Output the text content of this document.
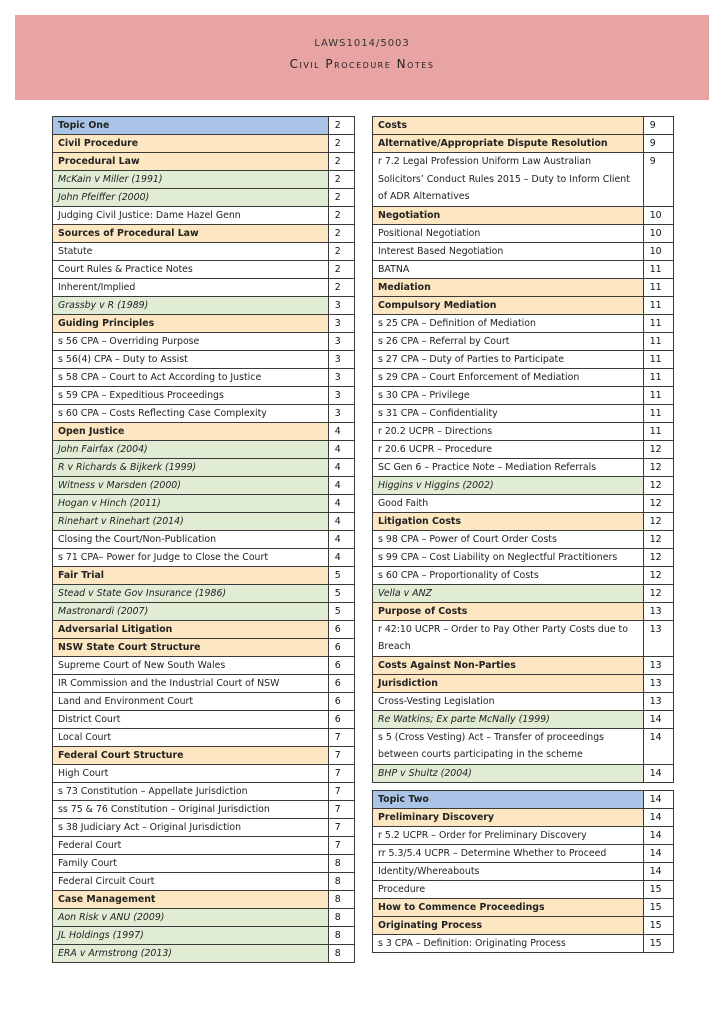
LAWS1014/5003
Civil Procedure Notes
Topic One	2
Civil Procedure	2
Procedural Law	2
McKain v Miller (1991)	2
John Pfeiffer (2000)	2
Judging Civil Justice: Dame Hazel Genn	2
Sources of Procedural Law	2
Statute	2
Court Rules & Practice Notes	2
Inherent/Implied	2
Grassby v R (1989)	3
Guiding Principles	3
s 56 CPA – Overriding Purpose	3
s 56(4) CPA – Duty to Assist	3
s 58 CPA – Court to Act According to Justice	3
s 59 CPA – Expeditious Proceedings	3
s 60 CPA – Costs Reflecting Case Complexity	3
Open Justice	4
John Fairfax (2004)	4
R v Richards & Bijkerk (1999)	4
Witness v Marsden (2000)	4
Hogan v Hinch (2011)	4
Rinehart v Rinehart (2014)	4
Closing the Court/Non-Publication	4
s 71 CPA– Power for Judge to Close the Court	4
Fair Trial	5
Stead v State Gov Insurance (1986)	5
Mastronardi (2007)	5
Adversarial Litigation	6
NSW State Court Structure	6
Supreme Court of New South Wales	6
IR Commission and the Industrial Court of NSW	6
Land and Environment Court	6
District Court	6
Local Court	7
Federal Court Structure	7
High Court	7
s 73 Constitution – Appellate Jurisdiction	7
ss 75 & 76 Constitution – Original Jurisdiction	7
s 38 Judiciary Act – Original Jurisdiction	7
Federal Court	7
Family Court	8
Federal Circuit Court	8
Case Management	8
Aon Risk v ANU (2009)	8
JL Holdings (1997)	8
ERA v Armstrong (2013)	8
Costs	9
Alternative/Appropriate Dispute Resolution	9
r 7.2 Legal Profession Uniform Law Australian Solicitors’ Conduct Rules 2015 – Duty to Inform Client of ADR Alternatives	9
Negotiation	10
Positional Negotiation	10
Interest Based Negotiation	10
BATNA	11
Mediation	11
Compulsory Mediation	11
s 25 CPA – Definition of Mediation	11
s 26 CPA – Referral by Court	11
s 27 CPA – Duty of Parties to Participate	11
s 29 CPA – Court Enforcement of Mediation	11
s 30 CPA – Privilege	11
s 31 CPA – Confidentiality	11
r 20.2 UCPR – Directions	11
r 20.6 UCPR – Procedure	12
SC Gen 6 – Practice Note – Mediation Referrals	12
Higgins v Higgins (2002)	12
Good Faith	12
Litigation Costs	12
s 98 CPA – Power of Court Order Costs	12
s 99 CPA – Cost Liability on Neglectful Practitioners	12
s 60 CPA – Proportionality of Costs	12
Vella v ANZ	12
Purpose of Costs	13
r 42:10 UCPR – Order to Pay Other Party Costs due to Breach	13
Costs Against Non-Parties	13
Jurisdiction	13
Cross-Vesting Legislation	13
Re Watkins; Ex parte McNally (1999)	14
s 5 (Cross Vesting) Act – Transfer of proceedings between courts participating in the scheme	14
BHP v Shultz (2004)	14
Topic Two	14
Preliminary Discovery	14
r 5.2 UCPR – Order for Preliminary Discovery	14
rr 5.3/5.4 UCPR – Determine Whether to Proceed	14
Identity/Whereabouts	14
Procedure	15
How to Commence Proceedings	15
Originating Process	15
s 3 CPA – Definition: Originating Process	15
